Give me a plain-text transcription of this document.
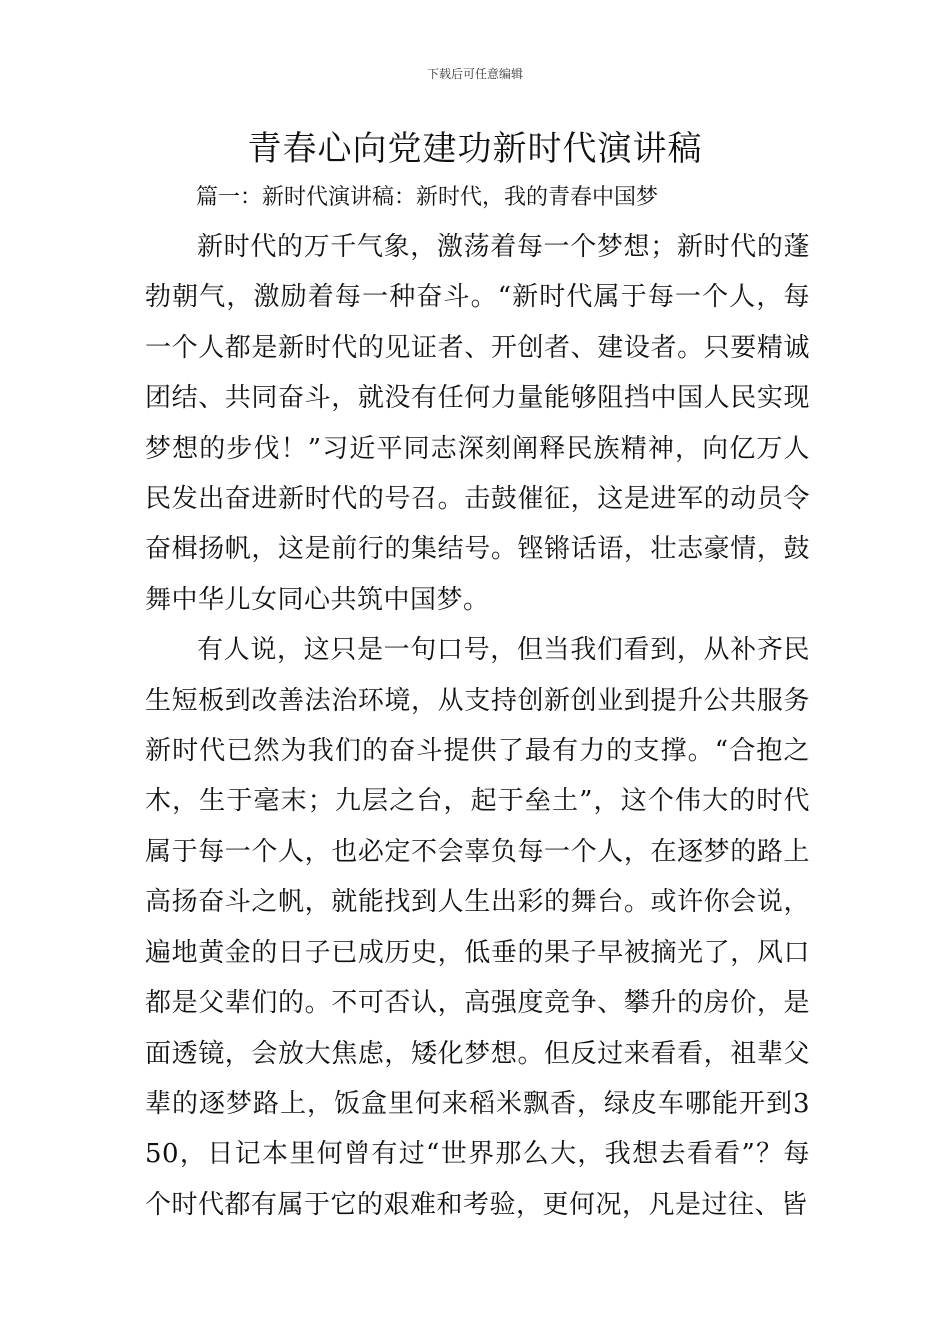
下载后可任意编辑
青春心向党建功新时代演讲稿
篇一：新时代演讲稿：新时代，我的青春中国梦

新时代的万千气象，激荡着每一个梦想；新时代的蓬勃朝气，激励着每一种奋斗。“新时代属于每一个人，每一个人都是新时代的见证者、开创者、建设者。只要精诚团结、共同奋斗，就没有任何力量能够阻挡中国人民实现梦想的步伐！”习近平同志深刻阐释民族精神，向亿万人民发出奋进新时代的号召。击鼓催征，这是进军的动员令奋楫扬帆，这是前行的集结号。铿锵话语，壮志豪情，鼓舞中华儿女同心共筑中国梦。

有人说，这只是一句口号，但当我们看到，从补齐民生短板到改善法治环境，从支持创新创业到提升公共服务新时代已然为我们的奋斗提供了最有力的支撑。“合抱之木，生于毫末；九层之台，起于垒土”，这个伟大的时代属于每一个人，也必定不会辜负每一个人，在逐梦的路上高扬奋斗之帆，就能找到人生出彩的舞台。或许你会说，遍地黄金的日子已成历史，低垂的果子早被摘光了，风口都是父辈们的。不可否认，高强度竞争、攀升的房价，是面透镜，会放大焦虑，矮化梦想。但反过来看看，祖辈父辈的逐梦路上，饭盒里何来稻米飘香，绿皮车哪能开到350，日记本里何曾有过“世界那么大，我想去看看”？每个时代都有属于它的艰难和考验，更何况，凡是过往、皆
